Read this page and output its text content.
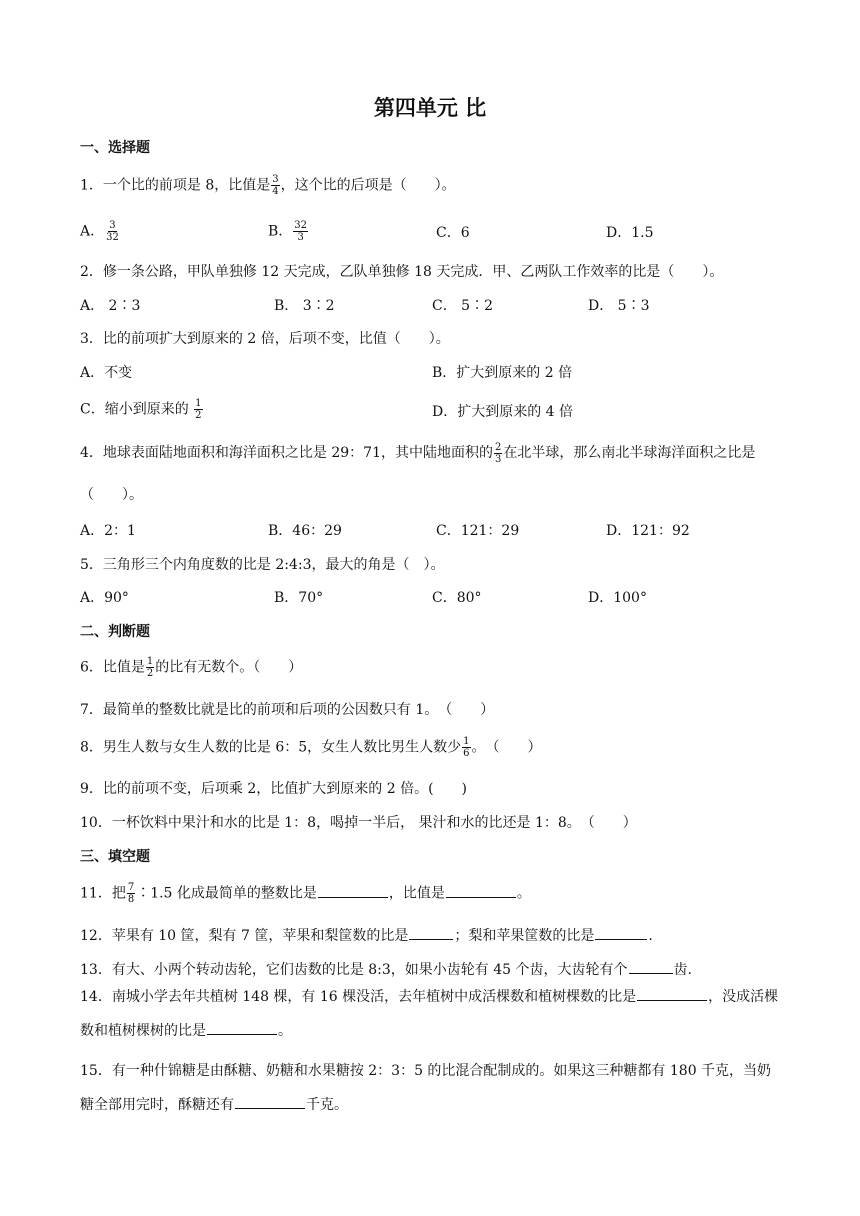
第四单元 比
一、选择题
1．一个比的前项是 8，比值是 $\frac{3}{4}$ ，这个比的后项是（　　）。
A． $\frac{3}{32}$	B． $\frac{32}{3}$	C．6	D．1.5
2．修一条公路，甲队单独修 12 天完成，乙队单独修 18 天完成．甲、乙两队工作效率的比是（　　）。
A． 2∶3	B． 3∶2	C． 5∶2	D． 5∶3
3．比的前项扩大到原来的 2 倍，后项不变，比值（　　）。
A．不变	B．扩大到原来的 2 倍
C．缩小到原来的 $\frac{1}{2}$	D．扩大到原来的 4 倍
4．地球表面陆地面积和海洋面积之比是 29：71，其中陆地面积的 $\frac{2}{3}$ 在北半球，那么南北半球海洋面积之比是（　　）。
A．2：1	B．46：29	C．121：29	D．121：92
5．三角形三个内角度数的比是 2:4:3，最大的角是（　）。
A．90°	B．70°	C．80°	D．100°
二、判断题
6．比值是 $\frac{1}{2}$ 的比有无数个。（　　）
7．最简单的整数比就是比的前项和后项的公因数只有 1。　（　　）
8．男生人数与女生人数的比是 6：5，女生人数比男生人数少 $\frac{1}{6}$ 。　（　　）
9．比的前项不变，后项乘 2，比值扩大到原来的 2 倍。(　　)
10．一杯饮料中果汁和水的比是 1：8，喝掉一半后， 果汁和水的比还是 1：8。　（　　）
三、填空题
11．把 $\frac{7}{8}$ ∶1.5 化成最简单的整数比是	，比值是	。
12．苹果有 10 筐，梨有 7 筐，苹果和梨筐数的比是	；梨和苹果筐数的比是	.
13．有大、小两个转动齿轮，它们齿数的比是 8:3，如果小齿轮有 45 个齿，大齿轮有个	齿.
14．南城小学去年共植树 148 棵，有 16 棵没活，去年植树中成活棵数和植树棵数的比是	，没成活棵数和植树棵树的比是	。
15．有一种什锦糖是由酥糖、奶糖和水果糖按 2：3：5 的比混合配制成的。如果这三种糖都有 180 千克，当奶糖全部用完时，酥糖还有	千克。
